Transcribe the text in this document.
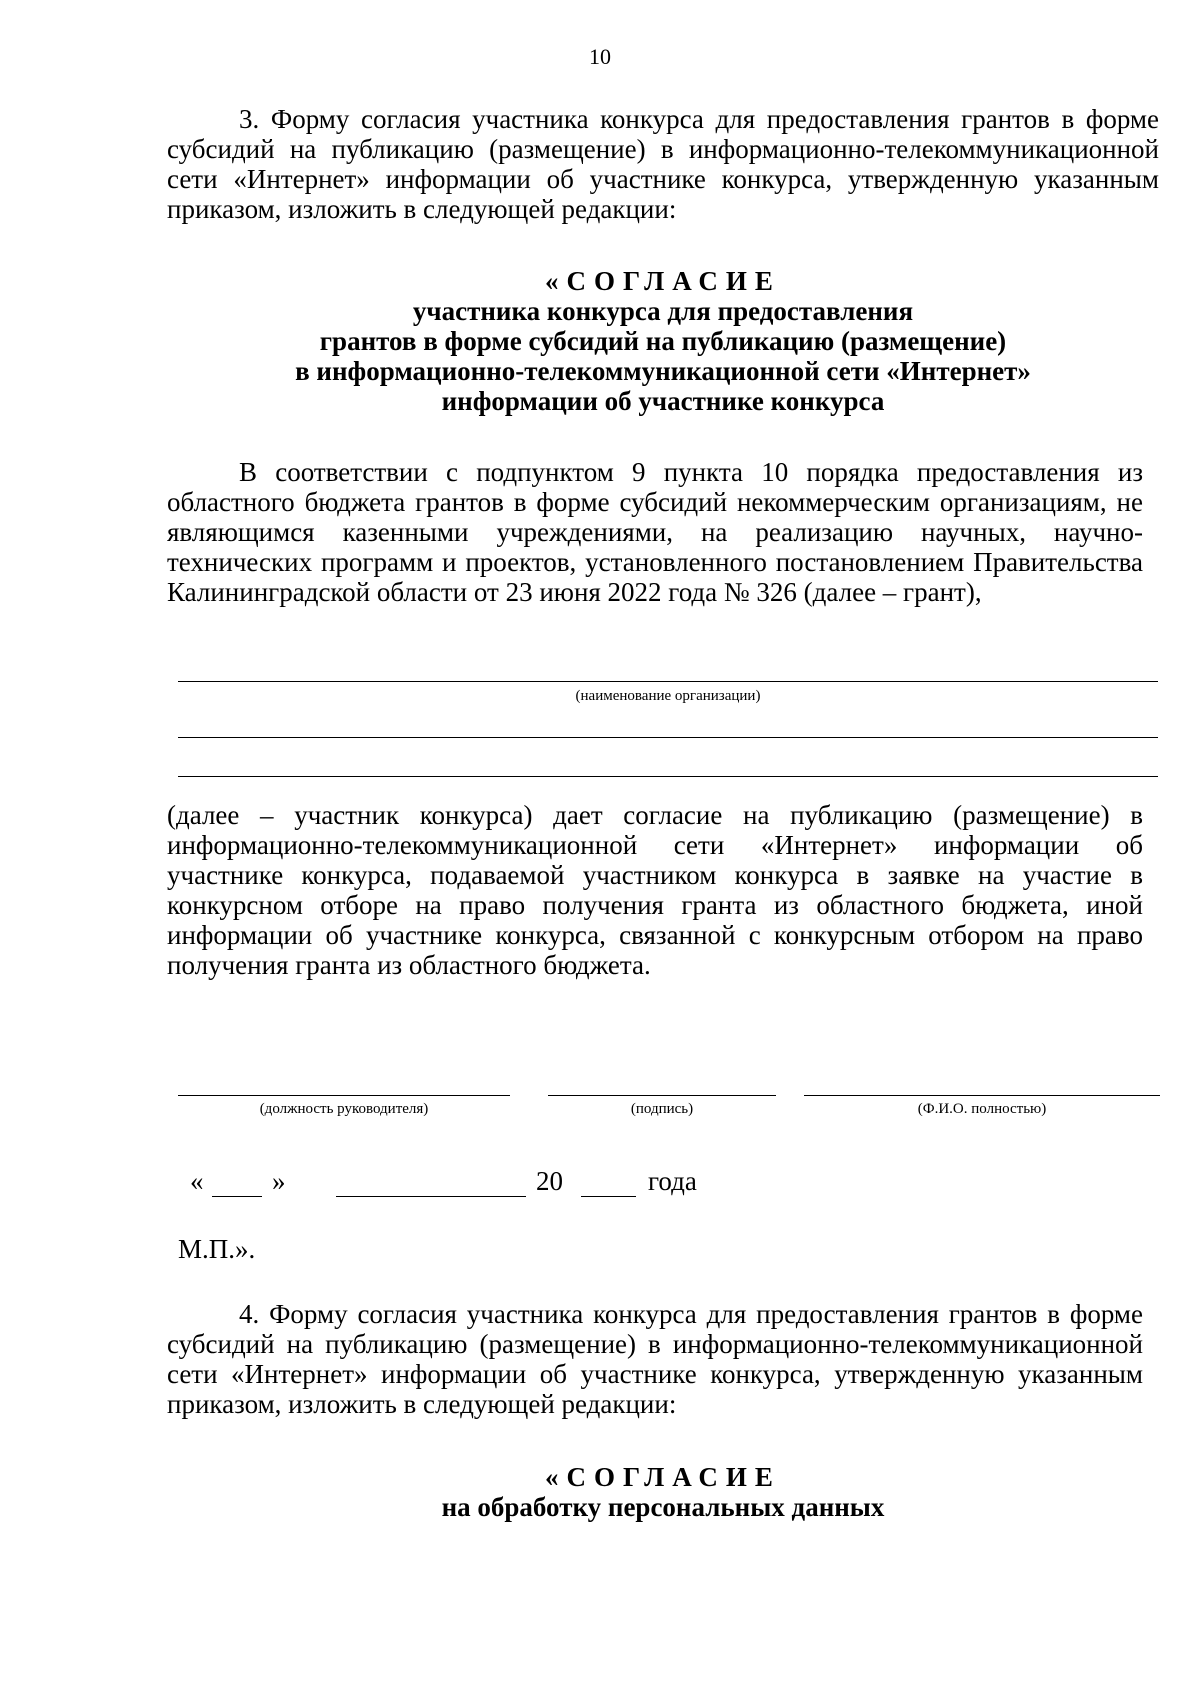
10
3. Форму согласия участника конкурса для предоставления грантов в форме субсидий на публикацию (размещение) в информационно-телекоммуникационной сети «Интернет» информации об участнике конкурса, утвержденную указанным приказом, изложить в следующей редакции:
«СОГЛАСИЕ
участника конкурса для предоставления
грантов в форме субсидий на публикацию (размещение)
в информационно-телекоммуникационной сети «Интернет»
информации об участнике конкурса
В соответствии с подпунктом 9 пункта 10 порядка предоставления из областного бюджета грантов в форме субсидий некоммерческим организациям, не являющимся казенными учреждениями, на реализацию научных, научно-технических программ и проектов, установленного постановлением Правительства Калининградской области от 23 июня 2022 года № 326 (далее – грант),
(наименование организации)
(далее – участник конкурса) дает согласие на публикацию (размещение) в информационно-телекоммуникационной сети «Интернет» информации об участнике конкурса, подаваемой участником конкурса в заявке на участие в конкурсном отборе на право получения гранта из областного бюджета, иной информации об участнике конкурса, связанной с конкурсным отбором на право получения гранта из областного бюджета.
(должность руководителя)	(подпись)	(Ф.И.О. полностью)
«	»	20	года
М.П.».
4. Форму согласия участника конкурса для предоставления грантов в форме субсидий на публикацию (размещение) в информационно-телекоммуникационной сети «Интернет» информации об участнике конкурса, утвержденную указанным приказом, изложить в следующей редакции:
«СОГЛАСИЕ
на обработку персональных данных
